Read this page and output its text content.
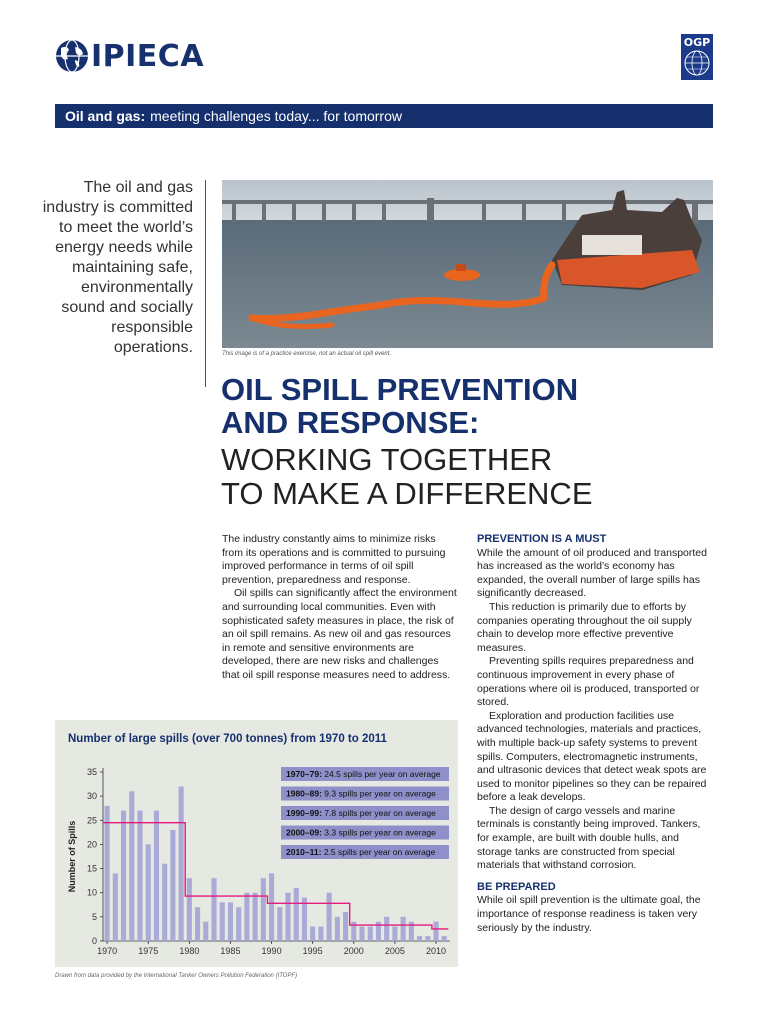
IPIECA	OGP
Oil and gas: meeting challenges today... for tomorrow
The oil and gas industry is committed to meet the world’s energy needs while maintaining safe, environmentally sound and socially responsible operations.	This image is of a practice exercise, not an actual oil spill event.
OIL SPILL PREVENTION
AND RESPONSE:
WORKING TOGETHER
TO MAKE A DIFFERENCE

The industry constantly aims to minimize risks from its operations and is committed to pursuing improved performance in terms of oil spill prevention, preparedness and response.

Oil spills can significantly affect the environment and surrounding local communities. Even with sophisticated safety measures in place, the risk of an oil spill remains. As new oil and gas resources in remote and sensitive environments are developed, there are new risks and challenges that oil spill response measures need to address.

PREVENTION IS A MUST

While the amount of oil produced and transported has increased as the world’s economy has expanded, the overall number of large spills has significantly decreased.

This reduction is primarily due to efforts by companies operating throughout the oil supply chain to develop more effective preventive measures.

Preventing spills requires preparedness and continuous improvement in every phase of operations where oil is produced, transported or stored.

Exploration and production facilities use advanced technologies, materials and practices, with multiple back-up safety systems to prevent spills. Computers, electromagnetic instruments, and ultrasonic devices that detect weak spots are used to monitor pipelines so they can be repaired before a leak develops.

The design of cargo vessels and marine terminals is constantly being improved. Tankers, for example, are built with double hulls, and storage tanks are constructed from special materials that withstand corrosion.

BE PREPARED

While oil spill prevention is the ultimate goal, the importance of response readiness is taken very seriously by the industry.

Number of large spills (over 700 tonnes) from 1970 to 2011
0
5
10
15
20
25
30
35
Number of Spills
1970 1975 1980 1985 1990 1995 2000 2005 2010
1970–79: 24.5 spills per year on average
1980–89: 9.3 spills per year on average
1990–99: 7.8 spills per year on average
2000–09: 3.3 spills per year on average
2010–11: 2.5 spills per year on average
Drawn from data provided by the International Tanker Owners Pollution Federation (ITOPF)
